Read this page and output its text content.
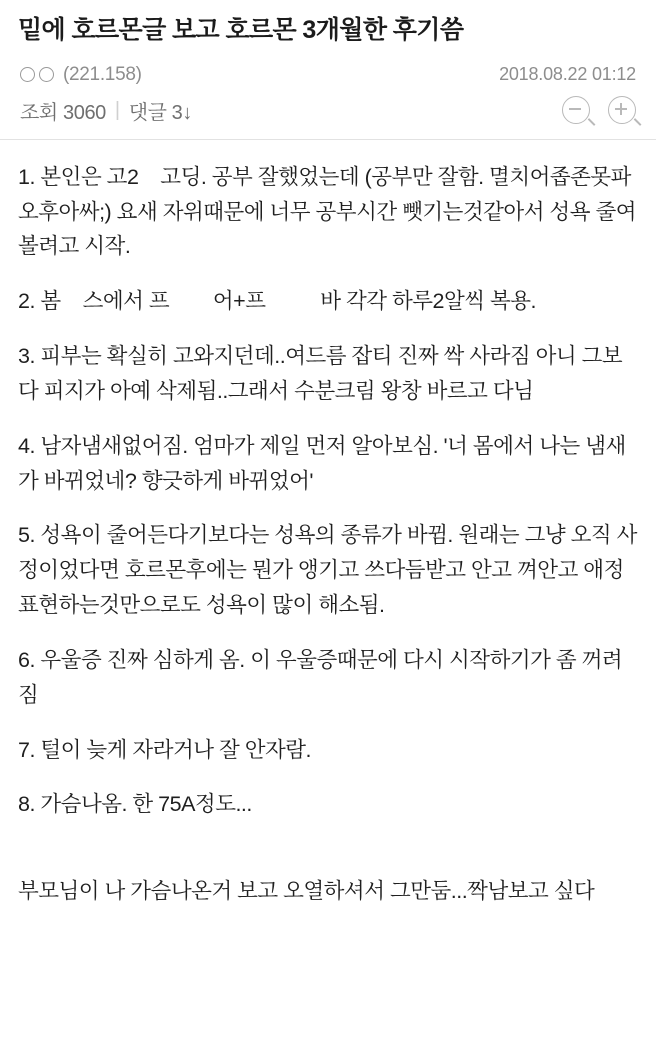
밑에 호르몬글 보고 호르몬 3개월한 후기씀
(221.158)	2018.08.22 01:12
조회 3060 | 댓글 3↓

1. 본인은 고2    고딩. 공부 잘했었는데 (공부만 잘함. 멸치어좁존못파오후아싸;) 요새 자위때문에 너무 공부시간 뺏기는것같아서 성욕 줄여볼려고 시작.

2. 봄    스에서 프        어+프          바 각각 하루2알씩 복용.

3. 피부는 확실히 고와지던데..여드름 잡티 진짜 싹 사라짐 아니 그보다 피지가 아예 삭제됨..그래서 수분크림 왕창 바르고 다님

4. 남자냄새없어짐. 엄마가 제일 먼저 알아보심. '너 몸에서 나는 냄새가 바뀌었네? 향긋하게 바뀌었어'

5. 성욕이 줄어든다기보다는 성욕의 종류가 바뀜. 원래는 그냥 오직 사정이었다면 호르몬후에는 뭔가 앵기고 쓰다듬받고 안고 껴안고 애정표현하는것만으로도 성욕이 많이 해소됨.

6. 우울증 진짜 심하게 옴. 이 우울증때문에 다시 시작하기가 좀 꺼려짐

7. 털이 늦게 자라거나 잘 안자람.

8. 가슴나옴. 한 75A정도...

부모님이 나 가슴나온거 보고 오열하셔서 그만둠...짝남보고 싶다
